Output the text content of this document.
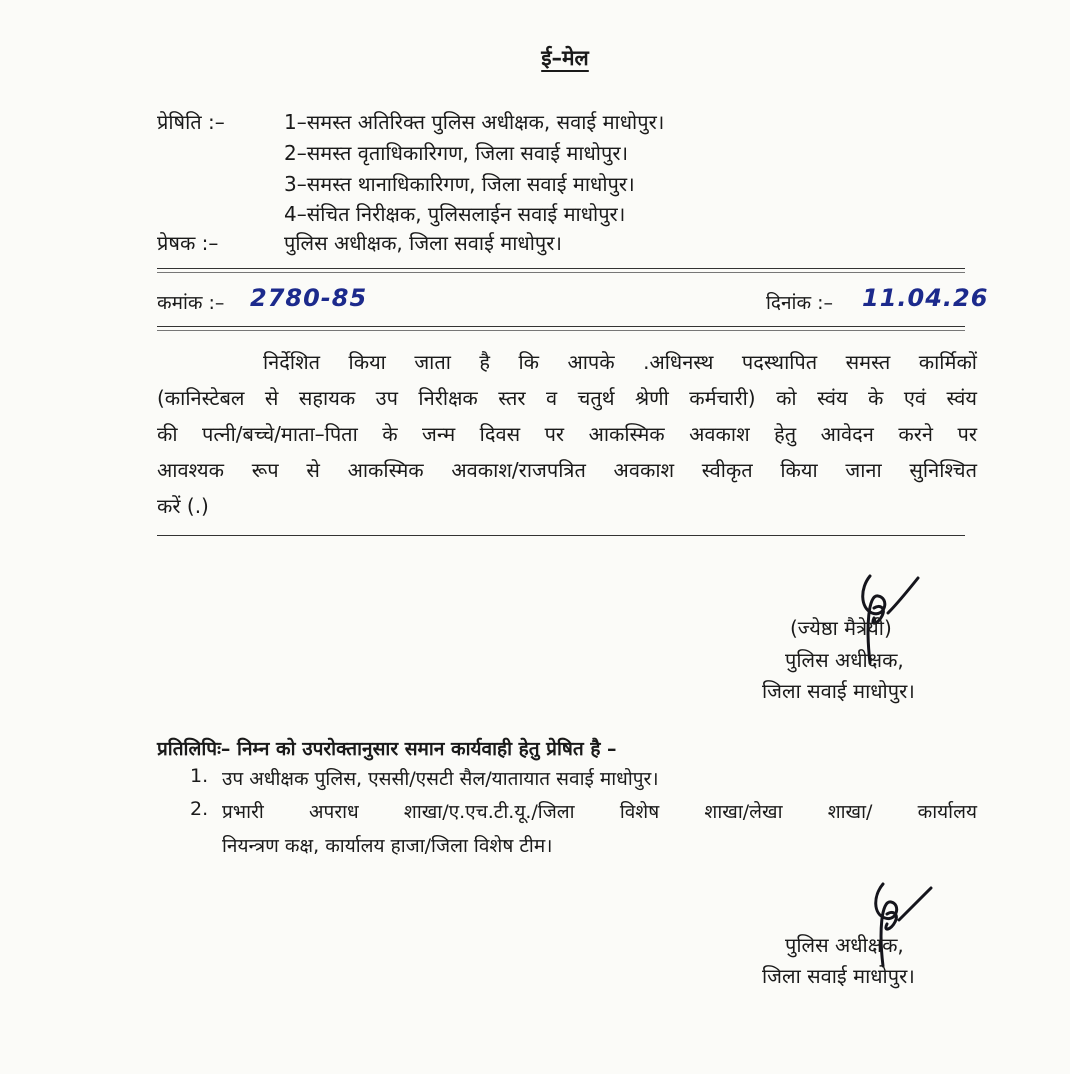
ई–मेल
प्रेषिति :–	1–समस्त अतिरिक्त पुलिस अधीक्षक, सवाई माधोपुर।
2–समस्त वृताधिकारिगण, जिला सवाई माधोपुर।
3–समस्त थानाधिकारिगण, जिला सवाई माधोपुर।
4–संचित निरीक्षक, पुलिसलाईन सवाई माधोपुर।
प्रेषक :–	पुलिस अधीक्षक, जिला सवाई माधोपुर।
कमांक :– 2780-85	दिनांक :– 11.04.26
निर्देशित किया जाता है कि आपके .अधिनस्थ पदस्थापित समस्त कार्मिकों
(कानिस्टेबल से सहायक उप निरीक्षक स्तर व चतुर्थ श्रेणी कर्मचारी) को स्वंय के एवं स्वंय
की पत्नी/बच्चे/माता–पिता के जन्म दिवस पर आकस्मिक अवकाश हेतु आवेदन करने पर
आवश्यक रूप से आकस्मिक अवकाश/राजपत्रित अवकाश स्वीकृत किया जाना सुनिश्चित
करें (.)
(ज्येष्ठा मैत्रेयी)
पुलिस अधीक्षक,
जिला सवाई माधोपुर।
प्रतिलिपिः– निम्न को उपरोक्तानुसार समान कार्यवाही हेतु प्रेषित है –
1. उप अधीक्षक पुलिस, एससी/एसटी सैल/यातायात सवाई माधोपुर।
2. प्रभारी अपराध शाखा/ए.एच.टी.यू./जिला विशेष शाखा/लेखा शाखा/ कार्यालय
नियन्त्रण कक्ष, कार्यालय हाजा/जिला विशेष टीम।
पुलिस अधीक्षक,
जिला सवाई माधोपुर।
